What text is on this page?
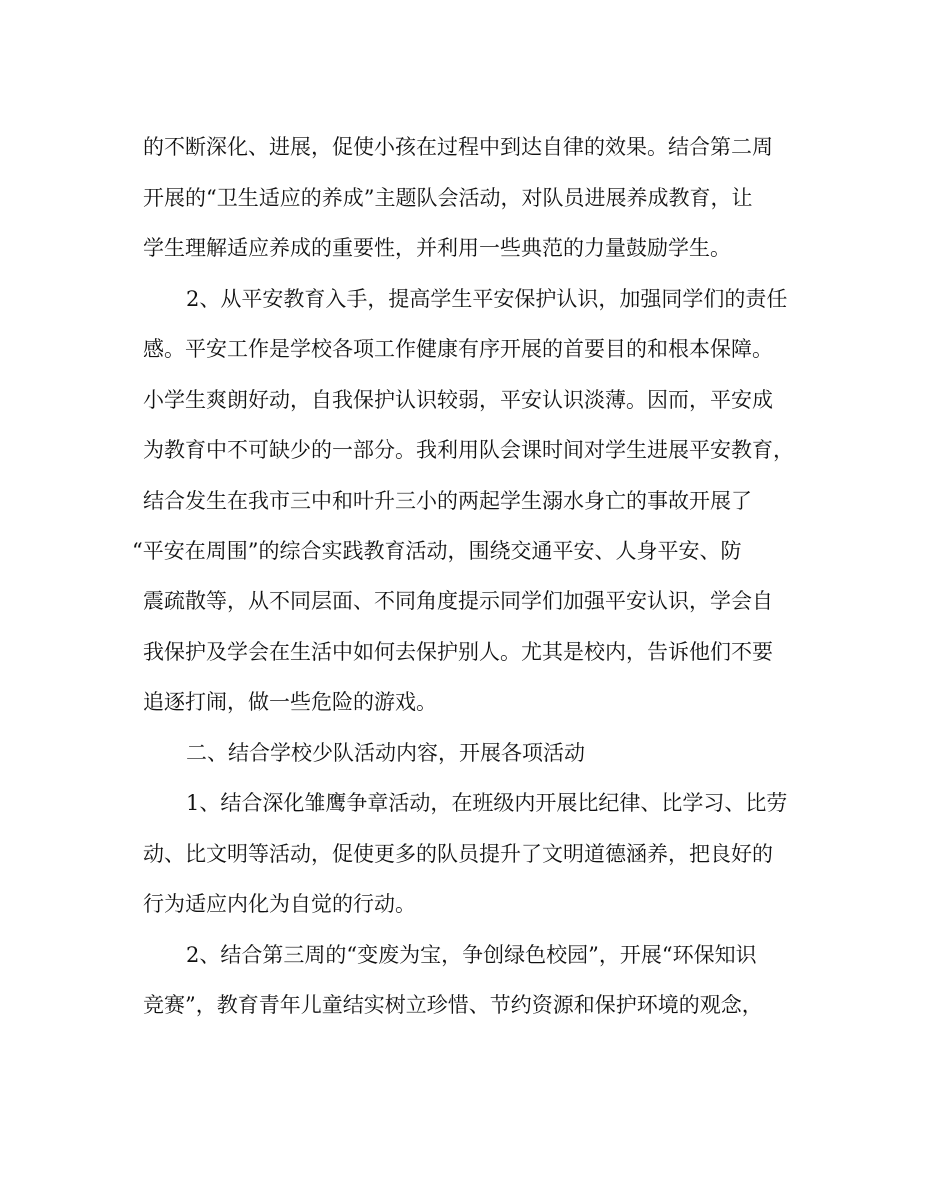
的不断深化、进展，促使小孩在过程中到达自律的效果。结合第二周
开展的“卫生适应的养成”主题队会活动，对队员进展养成教育，让
学生理解适应养成的重要性，并利用一些典范的力量鼓励学生。
2、从平安教育入手，提高学生平安保护认识，加强同学们的责任
感。平安工作是学校各项工作健康有序开展的首要目的和根本保障。
小学生爽朗好动，自我保护认识较弱，平安认识淡薄。因而，平安成
为教育中不可缺少的一部分。我利用队会课时间对学生进展平安教育，
结合发生在我市三中和叶升三小的两起学生溺水身亡的事故开展了
“平安在周围”的综合实践教育活动，围绕交通平安、人身平安、防
震疏散等，从不同层面、不同角度提示同学们加强平安认识，学会自
我保护及学会在生活中如何去保护别人。尤其是校内，告诉他们不要
追逐打闹，做一些危险的游戏。
二、结合学校少队活动内容，开展各项活动
1、结合深化雏鹰争章活动，在班级内开展比纪律、比学习、比劳
动、比文明等活动，促使更多的队员提升了文明道德涵养，把良好的
行为适应内化为自觉的行动。
2、结合第三周的“变废为宝，争创绿色校园”，开展“环保知识
竞赛”，教育青年儿童结实树立珍惜、节约资源和保护环境的观念，
